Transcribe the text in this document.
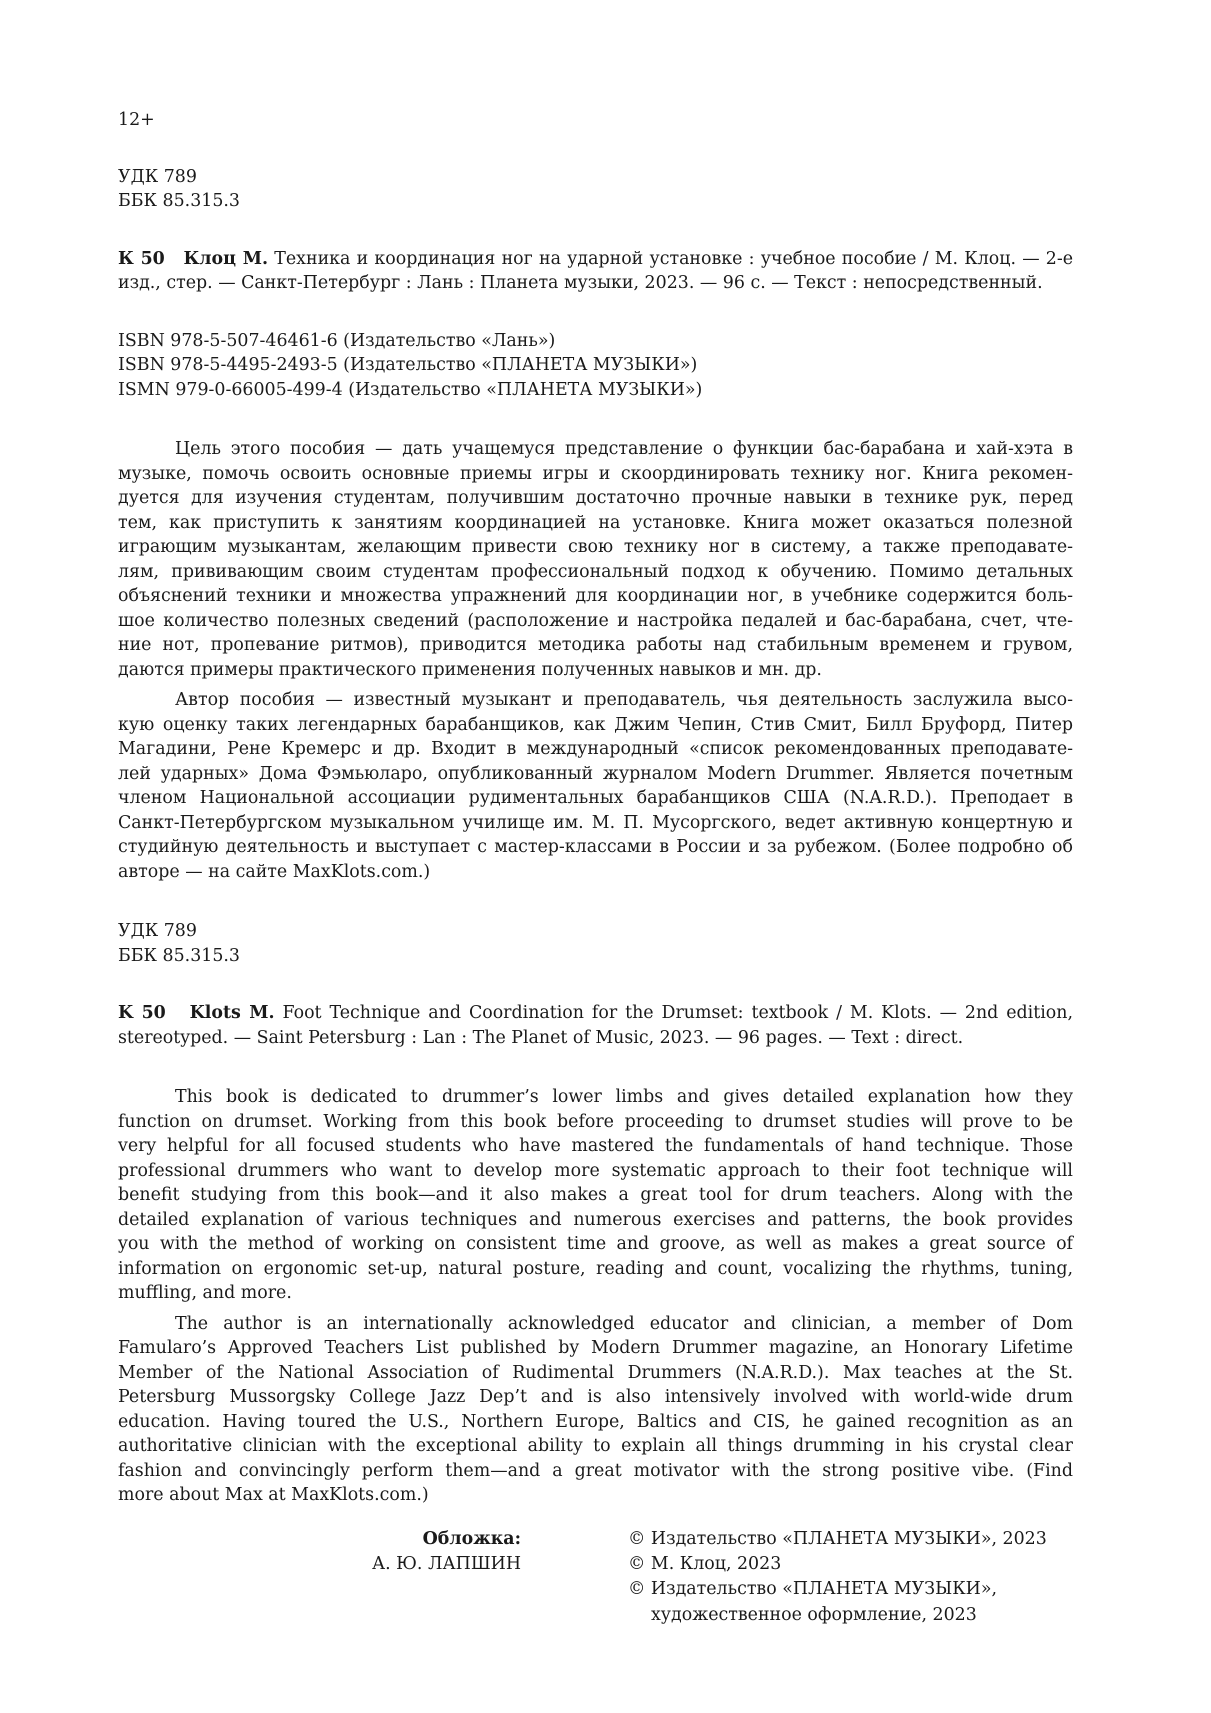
12+
УДК 789
ББК 85.315.3
К 50 Клоц М. Техника и координация ног на ударной установке : учебное пособие / М. Клоц. — 2-е
изд., стер. — Санкт-Петербург : Лань : Планета музыки, 2023. — 96 с. — Текст : непосредственный.
ISBN 978-5-507-46461-6 (Издательство «Лань»)
ISBN 978-5-4495-2493-5 (Издательство «ПЛАНЕТА МУЗЫКИ»)
ISMN 979-0-66005-499-4 (Издательство «ПЛАНЕТА МУЗЫКИ»)
Цель этого пособия — дать учащемуся представление о функции бас-барабана и хай-хэта в
музыке, помочь освоить основные приемы игры и скоординировать технику ног. Книга рекомен-
дуется для изучения студентам, получившим достаточно прочные навыки в технике рук, перед
тем, как приступить к занятиям координацией на установке. Книга может оказаться полезной
играющим музыкантам, желающим привести свою технику ног в систему, а также преподавате-
лям, прививающим своим студентам профессиональный подход к обучению. Помимо детальных
объяснений техники и множества упражнений для координации ног, в учебнике содержится боль-
шое количество полезных сведений (расположение и настройка педалей и бас-барабана, счет, чте-
ние нот, пропевание ритмов), приводится методика работы над стабильным временем и грувом,
даются примеры практического применения полученных навыков и мн. др.
Автор пособия — известный музыкант и преподаватель, чья деятельность заслужила высо-
кую оценку таких легендарных барабанщиков, как Джим Чепин, Стив Смит, Билл Бруфорд, Питер
Магадини, Рене Кремерс и др. Входит в международный «список рекомендованных преподавате-
лей ударных» Дома Фэмьюларо, опубликованный журналом Modern Drummer. Является почетным
членом Национальной ассоциации рудиментальных барабанщиков США (N.A.R.D.). Преподает в
Санкт-Петербургском музыкальном училище им. М. П. Мусоргского, ведет активную концертную и
студийную деятельность и выступает с мастер-классами в России и за рубежом. (Более подробно об
авторе — на сайте MaxKlots.com.)
УДК 789
ББК 85.315.3
K 50 Klots M. Foot Technique and Coordination for the Drumset: textbook / M. Klots. — 2nd edition,
stereotyped. — Saint Petersburg : Lan : The Planet of Music, 2023. — 96 pages. — Text : direct.
This book is dedicated to drummer’s lower limbs and gives detailed explanation how they
function on drumset. Working from this book before proceeding to drumset studies will prove to be
very helpful for all focused students who have mastered the fundamentals of hand technique. Those
professional drummers who want to develop more systematic approach to their foot technique will
benefit studying from this book—and it also makes a great tool for drum teachers. Along with the
detailed explanation of various techniques and numerous exercises and patterns, the book provides
you with the method of working on consistent time and groove, as well as makes a great source of
information on ergonomic set-up, natural posture, reading and count, vocalizing the rhythms, tuning,
muffling, and more.
The author is an internationally acknowledged educator and clinician, a member of Dom
Famularo’s Approved Teachers List published by Modern Drummer magazine, an Honorary Lifetime
Member of the National Association of Rudimental Drummers (N.A.R.D.). Max teaches at the St.
Petersburg Mussorgsky College Jazz Dep’t and is also intensively involved with world-wide drum
education. Having toured the U.S., Northern Europe, Baltics and CIS, he gained recognition as an
authoritative clinician with the exceptional ability to explain all things drumming in his crystal clear
fashion and convincingly perform them—and a great motivator with the strong positive vibe. (Find
more about Max at MaxKlots.com.)
Обложка:
А. Ю. ЛАПШИН
© Издательство «ПЛАНЕТА МУЗЫКИ», 2023
© М. Клоц, 2023
© Издательство «ПЛАНЕТА МУЗЫКИ»,
художественное оформление, 2023
